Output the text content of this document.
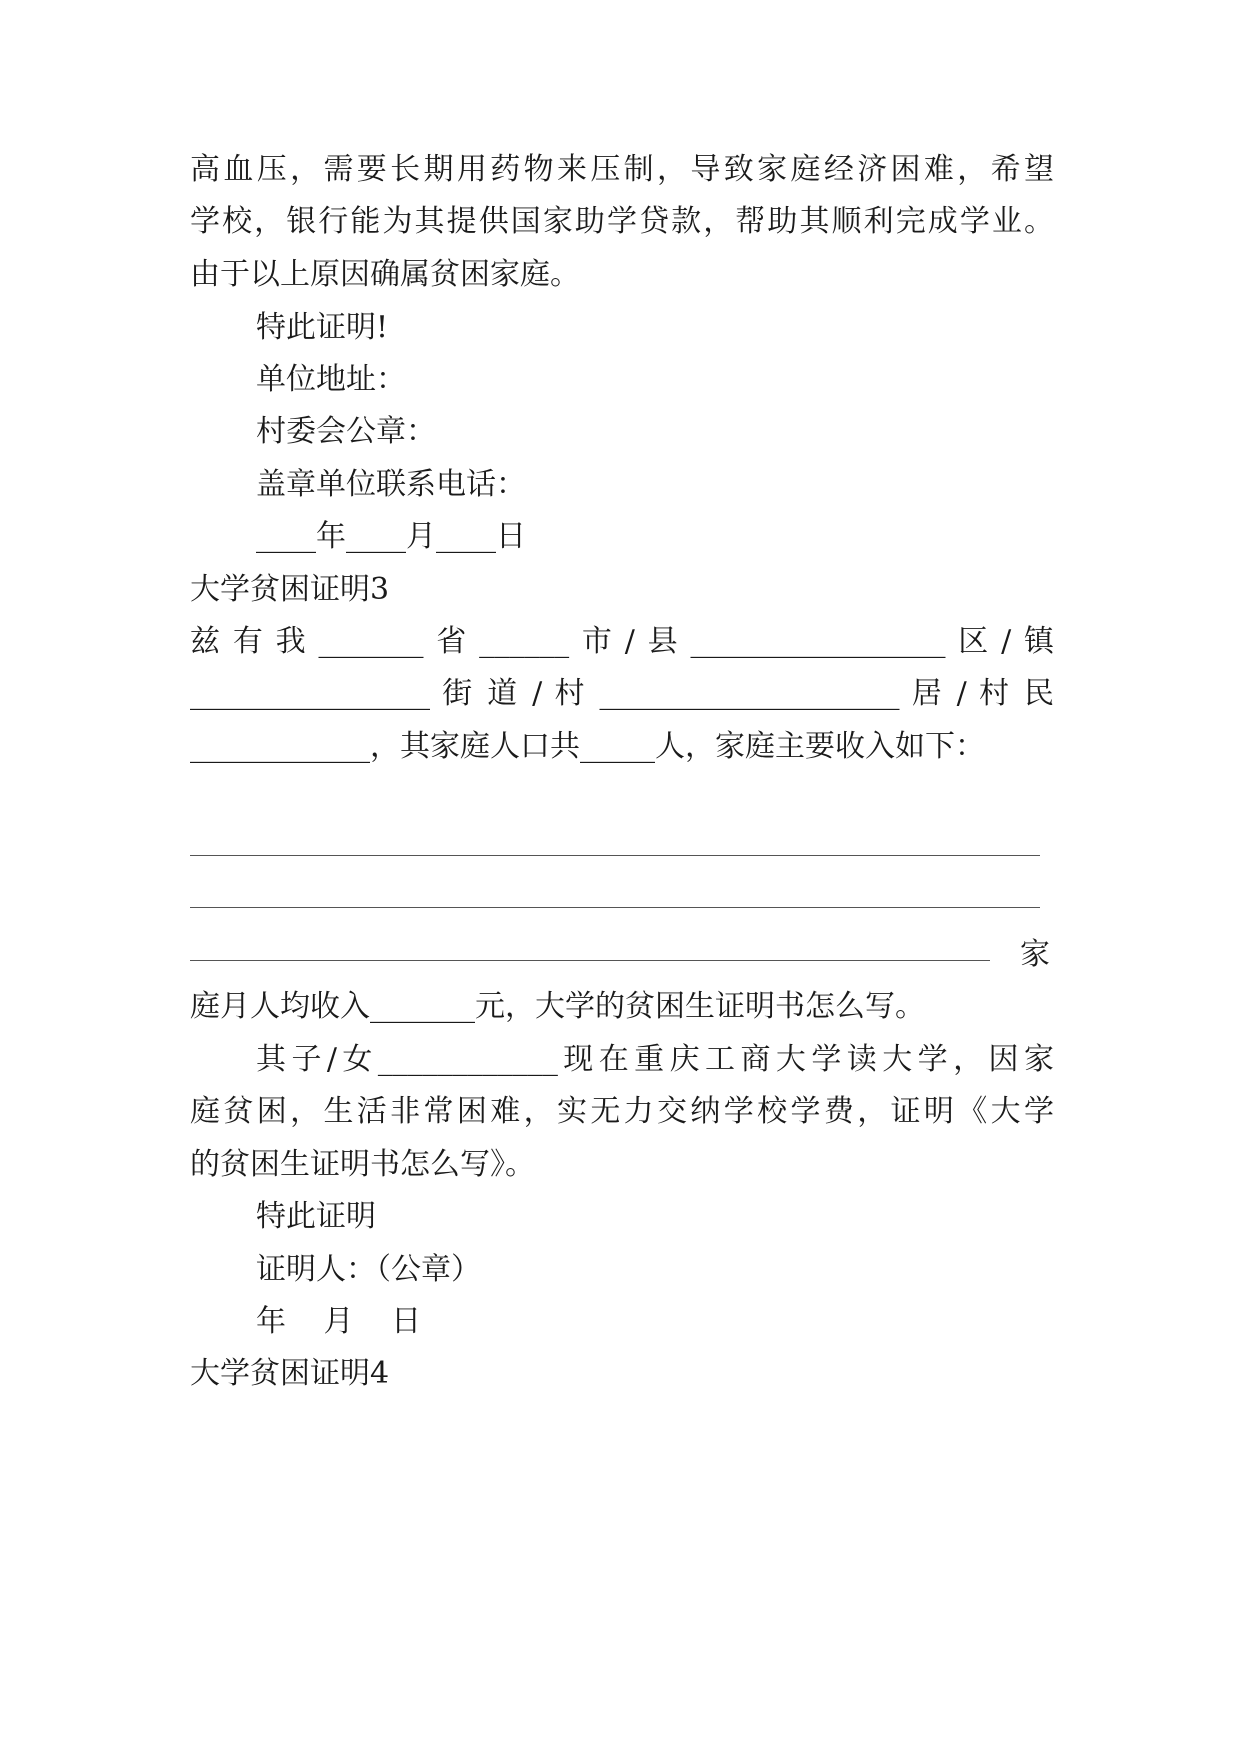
高血压，需要长期用药物来压制，导致家庭经济困难，希望

学校，银行能为其提供国家助学贷款，帮助其顺利完成学业。

由于以上原因确属贫困家庭。

特此证明!

单位地址：

村委会公章：

盖章单位联系电话：

____年____月____日

大学贫困证明3

兹有我_______省______市/县_________________区/镇

________________ 街 道 / 村 ____________________ 居 / 村 民

____________，其家庭人口共_____人，家庭主要收入如下：

家

庭月人均收入_______元，大学的贫困生证明书怎么写。

其子/女____________现在重庆工商大学读大学，因家

庭贫困，生活非常困难，实无力交纳学校学费，证明《大学

的贫困生证明书怎么写》。

特此证明

证明人：（公章）

年 月 日

大学贫困证明4
